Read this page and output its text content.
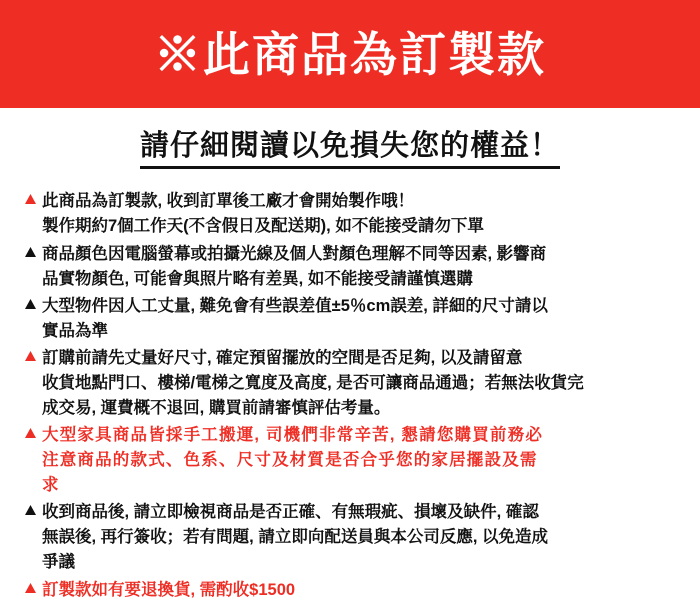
※此商品為訂製款
請仔細閱讀以免損失您的權益！
此商品為訂製款, 收到訂單後工廠才會開始製作哦！
製作期約7個工作天(不含假日及配送期), 如不能接受請勿下單
商品顏色因電腦螢幕或拍攝光線及個人對顏色理解不同等因素, 影響商
品實物顏色, 可能會與照片略有差異, 如不能接受請謹慎選購
大型物件因人工丈量, 難免會有些誤差值±5％cm誤差, 詳細的尺寸請以
實品為準
訂購前請先丈量好尺寸, 確定預留擺放的空間是否足夠, 以及請留意
收貨地點門口、樓梯/電梯之寬度及高度, 是否可讓商品通過；若無法收貨完
成交易, 運費概不退回, 購買前請審慎評估考量。
大型家具商品皆採手工搬運, 司機們非常辛苦, 懇請您購買前務必
注意商品的款式、色系、尺寸及材質是否合乎您的家居擺設及需
求
收到商品後, 請立即檢視商品是否正確、有無瑕疵、損壞及缺件, 確認
無誤後, 再行簽收；若有問題, 請立即向配送員與本公司反應, 以免造成
爭議
訂製款如有要退換貨, 需酌收$1500
